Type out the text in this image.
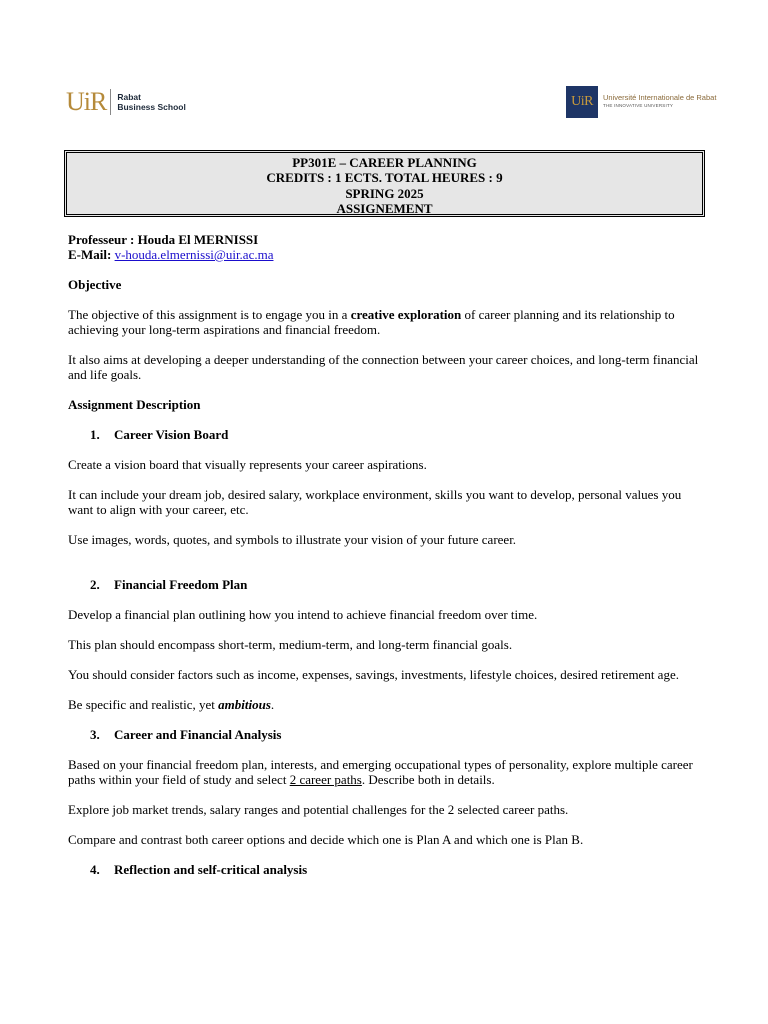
UiR Rabat
Business School	UiR	Université Internationale de Rabat
THE INNOVATIVE UNIVERSITY
PP301E – CAREER PLANNING
CREDITS : 1 ECTS. TOTAL HEURES : 9
SPRING 2025
ASSIGNEMENT

Professeur : Houda El MERNISSI

E-Mail: v-houda.elmernissi@uir.ac.ma

Objective

The objective of this assignment is to engage you in a creative exploration of career planning and its relationship to achieving your long-term aspirations and financial freedom.

It also aims at developing a deeper understanding of the connection between your career choices, and long-term financial and life goals.

Assignment Description

1. Career Vision Board

Create a vision board that visually represents your career aspirations.

It can include your dream job, desired salary, workplace environment, skills you want to develop, personal values you want to align with your career, etc.

Use images, words, quotes, and symbols to illustrate your vision of your future career.

2. Financial Freedom Plan

Develop a financial plan outlining how you intend to achieve financial freedom over time.

This plan should encompass short-term, medium-term, and long-term financial goals.

You should consider factors such as income, expenses, savings, investments, lifestyle choices, desired retirement age.

Be specific and realistic, yet ambitious.

3. Career and Financial Analysis

Based on your financial freedom plan, interests, and emerging occupational types of personality, explore multiple career paths within your field of study and select 2 career paths. Describe both in details.

Explore job market trends, salary ranges and potential challenges for the 2 selected career paths.

Compare and contrast both career options and decide which one is Plan A and which one is Plan B.

4. Reflection and self-critical analysis
